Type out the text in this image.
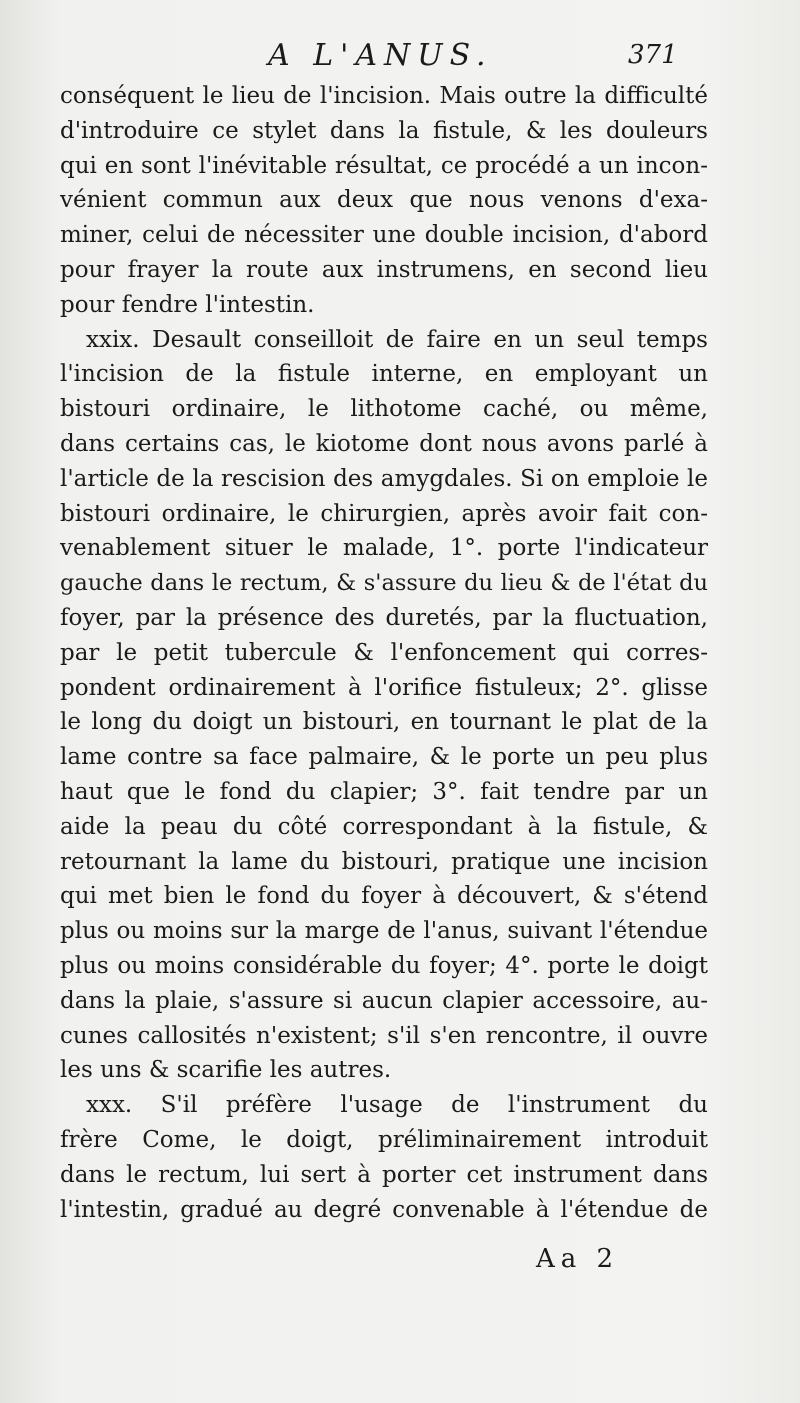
A L'ANUS.	371
conséquent le lieu de l'incision. Mais outre la difficulté
d'introduire ce stylet dans la fistule, & les douleurs
qui en sont l'inévitable résultat, ce procédé a un incon-
vénient commun aux deux que nous venons d'exa-
miner, celui de nécessiter une double incision, d'abord
pour frayer la route aux instrumens, en second lieu
pour fendre l'intestin.
xxix. Desault conseilloit de faire en un seul temps
l'incision de la fistule interne, en employant un
bistouri ordinaire, le lithotome caché, ou même,
dans certains cas, le kiotome dont nous avons parlé à
l'article de la rescision des amygdales. Si on emploie le
bistouri ordinaire, le chirurgien, après avoir fait con-
venablement situer le malade, 1°. porte l'indicateur
gauche dans le rectum, & s'assure du lieu & de l'état du
foyer, par la présence des duretés, par la fluctuation,
par le petit tubercule & l'enfoncement qui corres-
pondent ordinairement à l'orifice fistuleux; 2°. glisse
le long du doigt un bistouri, en tournant le plat de la
lame contre sa face palmaire, & le porte un peu plus
haut que le fond du clapier; 3°. fait tendre par un
aide la peau du côté correspondant à la fistule, &
retournant la lame du bistouri, pratique une incision
qui met bien le fond du foyer à découvert, & s'étend
plus ou moins sur la marge de l'anus, suivant l'étendue
plus ou moins considérable du foyer; 4°. porte le doigt
dans la plaie, s'assure si aucun clapier accessoire, au-
cunes callosités n'existent; s'il s'en rencontre, il ouvre
les uns & scarifie les autres.
xxx. S'il préfère l'usage de l'instrument du
frère Come, le doigt, préliminairement introduit
dans le rectum, lui sert à porter cet instrument dans
l'intestin, gradué au degré convenable à l'étendue de
Aa 2
